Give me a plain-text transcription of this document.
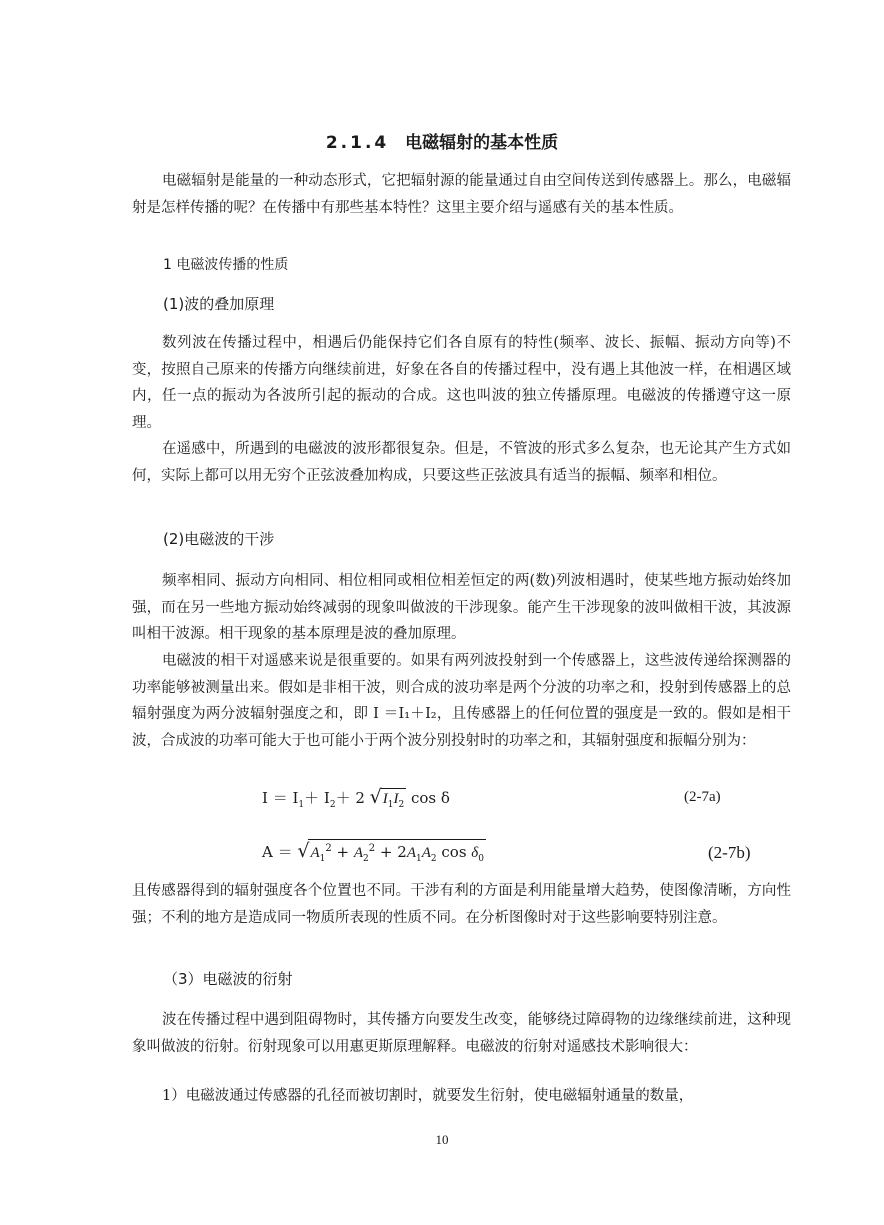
2.1.4 电磁辐射的基本性质

电磁辐射是能量的一种动态形式，它把辐射源的能量通过自由空间传送到传感器上。那么，电磁辐射是怎样传播的呢？在传播中有那些基本特性？这里主要介绍与遥感有关的基本性质。

1 电磁波传播的性质

(1)波的叠加原理

数列波在传播过程中，相遇后仍能保持它们各自原有的特性(频率、波长、振幅、振动方向等)不变，按照自己原来的传播方向继续前进，好象在各自的传播过程中，没有遇上其他波一样，在相遇区域内，任一点的振动为各波所引起的振动的合成。这也叫波的独立传播原理。电磁波的传播遵守这一原理。

在遥感中，所遇到的电磁波的波形都很复杂。但是，不管波的形式多么复杂，也无论其产生方式如何，实际上都可以用无穷个正弦波叠加构成，只要这些正弦波具有适当的振幅、频率和相位。

(2)电磁波的干涉

频率相同、振动方向相同、相位相同或相位相差恒定的两(数)列波相遇时，使某些地方振动始终加强，而在另一些地方振动始终减弱的现象叫做波的干涉现象。能产生干涉现象的波叫做相干波，其波源叫相干波源。相干现象的基本原理是波的叠加原理。

电磁波的相干对遥感来说是很重要的。如果有两列波投射到一个传感器上，这些波传递给探测器的功率能够被测量出来。假如是非相干波，则合成的波功率是两个分波的功率之和，投射到传感器上的总辐射强度为两分波辐射强度之和，即 I ＝I₁＋I₂，且传感器上的任何位置的强度是一致的。假如是相干波，合成波的功率可能大于也可能小于两个波分别投射时的功率之和，其辐射强度和振幅分别为：

$I = I_1+ I_2+ 2$ $√I_1I_2$ cos δ	(2-7a)
$A = √A_1^2 + A_2^2 + 2A_1A_2$ $\cos \delta_0$	(2-7b)

且传感器得到的辐射强度各个位置也不同。干涉有利的方面是利用能量增大趋势，使图像清晰，方向性强；不利的地方是造成同一物质所表现的性质不同。在分析图像时对于这些影响要特别注意。

（3）电磁波的衍射

波在传播过程中遇到阻碍物时，其传播方向要发生改变，能够绕过障碍物的边缘继续前进，这种现象叫做波的衍射。衍射现象可以用惠更斯原理解释。电磁波的衍射对遥感技术影响很大：

1）电磁波通过传感器的孔径而被切割时，就要发生衍射，使电磁辐射通量的数量，

10
